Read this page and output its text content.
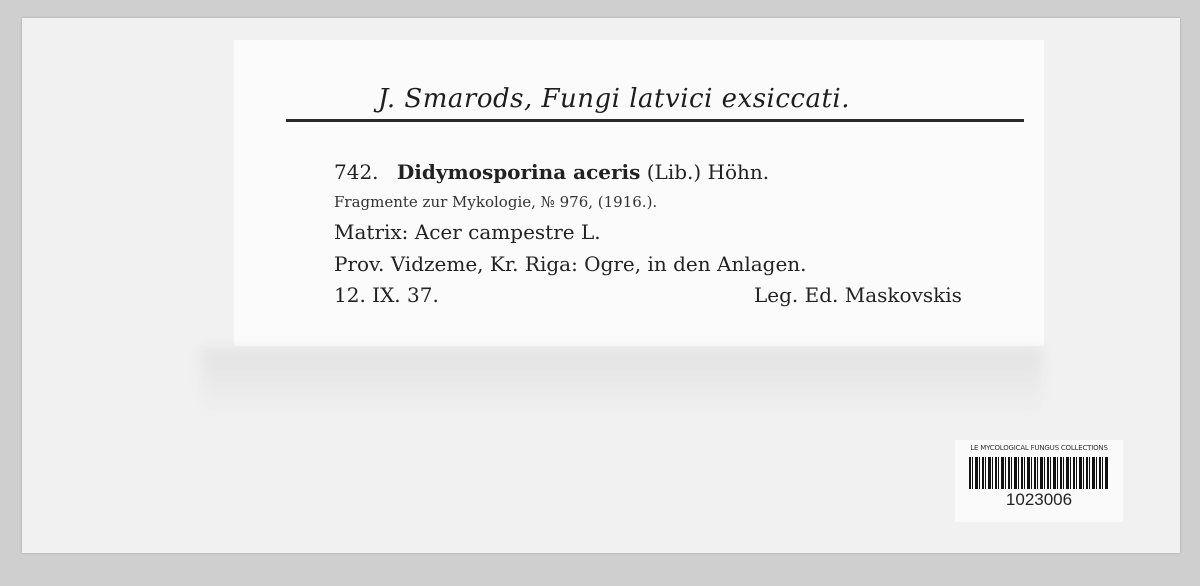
J. Smarods, Fungi latvici exsiccati.
742. Didymosporina aceris (Lib.) Höhn.
Fragmente zur Mykologie, № 976, (1916.).
Matrix: Acer campestre L.
Prov. Vidzeme, Kr. Riga: Ogre, in den Anlagen.
12. IX. 37.	Leg. Ed. Maskovskis
LE MYCOLOGICAL FUNGUS COLLECTIONS
1023006
